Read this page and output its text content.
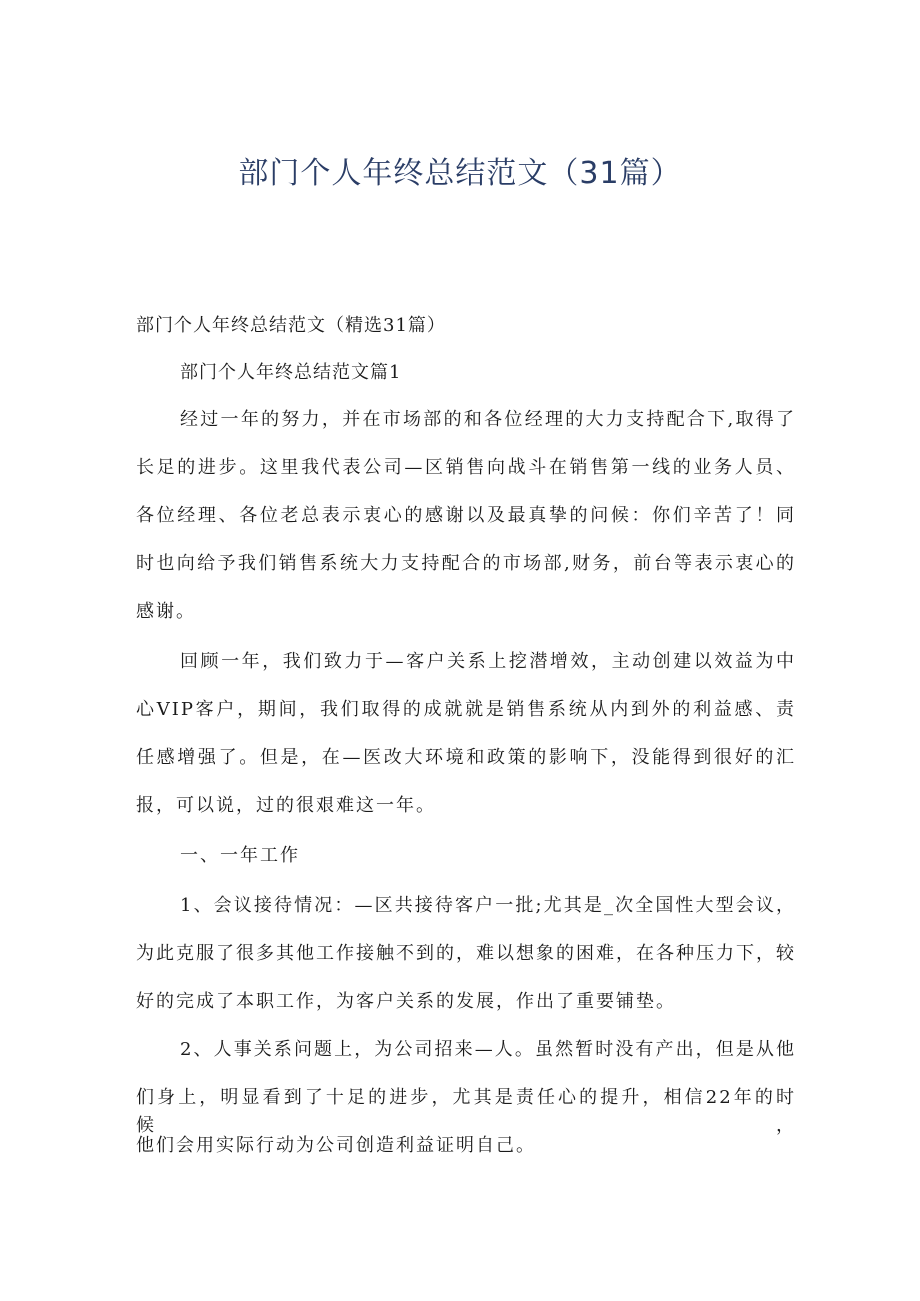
部门个人年终总结范文（31篇）
部门个人年终总结范文（精选31篇）
部门个人年终总结范文篇1
经过一年的努力，并在市场部的和各位经理的大力支持配合下,取得了
长足的进步。这里我代表公司—区销售向战斗在销售第一线的业务人员、
各位经理、各位老总表示衷心的感谢以及最真挚的问候：你们辛苦了！同
时也向给予我们销售系统大力支持配合的市场部,财务，前台等表示衷心的
感谢。
回顾一年，我们致力于—客户关系上挖潜增效，主动创建以效益为中
心VIP客户，期间，我们取得的成就就是销售系统从内到外的利益感、责
任感增强了。但是，在—医改大环境和政策的影响下，没能得到很好的汇
报，可以说，过的很艰难这一年。
一、一年工作
1、会议接待情况：—区共接待客户一批;尤其是_次全国性大型会议，
为此克服了很多其他工作接触不到的，难以想象的困难，在各种压力下，较
好的完成了本职工作，为客户关系的发展，作出了重要铺垫。
2、人事关系问题上，为公司招来—人。虽然暂时没有产出，但是从他
们身上，明显看到了十足的进步，尤其是责任心的提升，相信22年的时候，
他们会用实际行动为公司创造利益证明自己。
